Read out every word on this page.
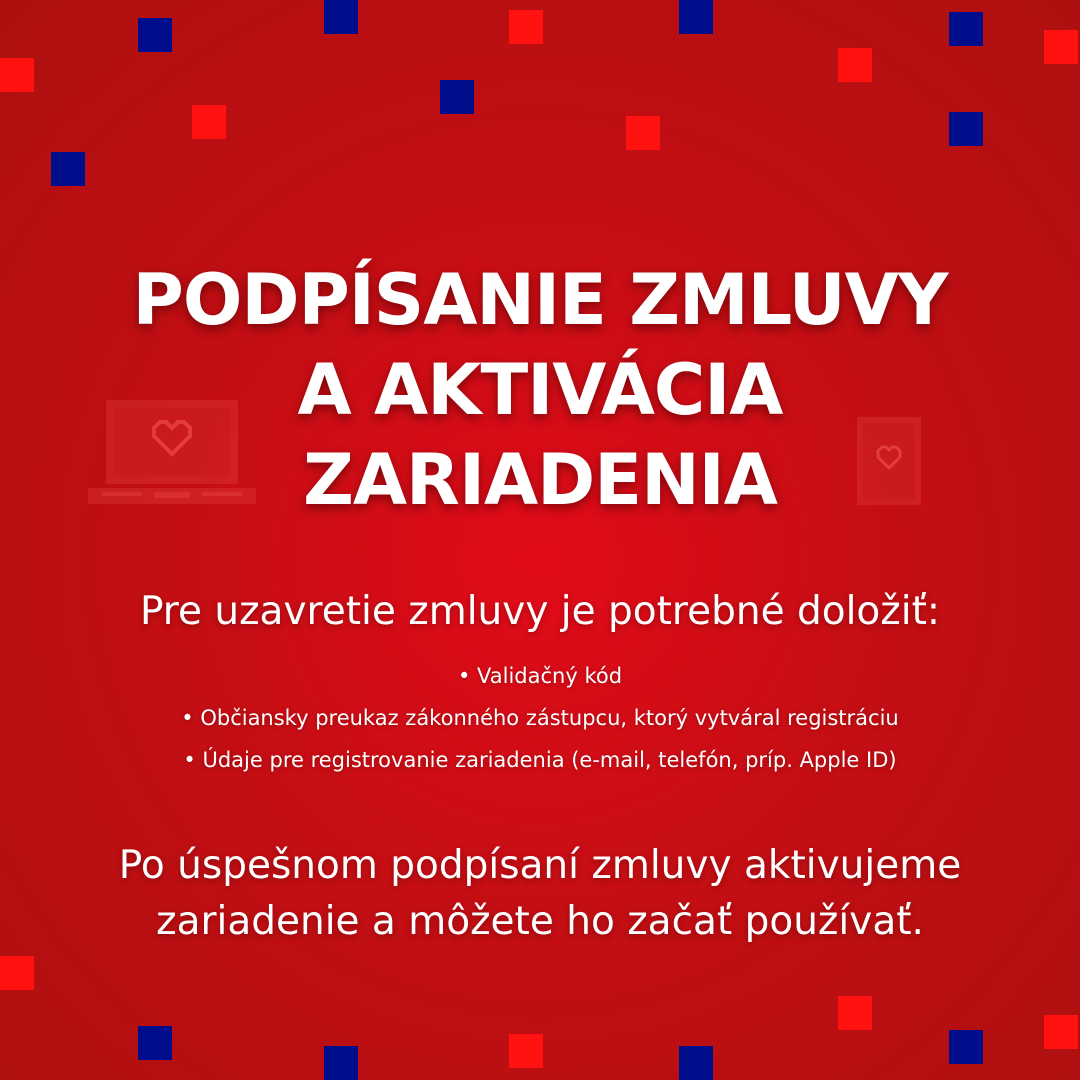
PODPÍSANIE ZMLUVY
A AKTIVÁCIA
ZARIADENIA
Pre uzavretie zmluvy je potrebné doložiť:
• Validačný kód
• Občiansky preukaz zákonného zástupcu, ktorý vytváral registráciu
• Údaje pre registrovanie zariadenia (e-mail, telefón, príp. Apple ID)
Po úspešnom podpísaní zmluvy aktivujeme
zariadenie a môžete ho začať používať.
